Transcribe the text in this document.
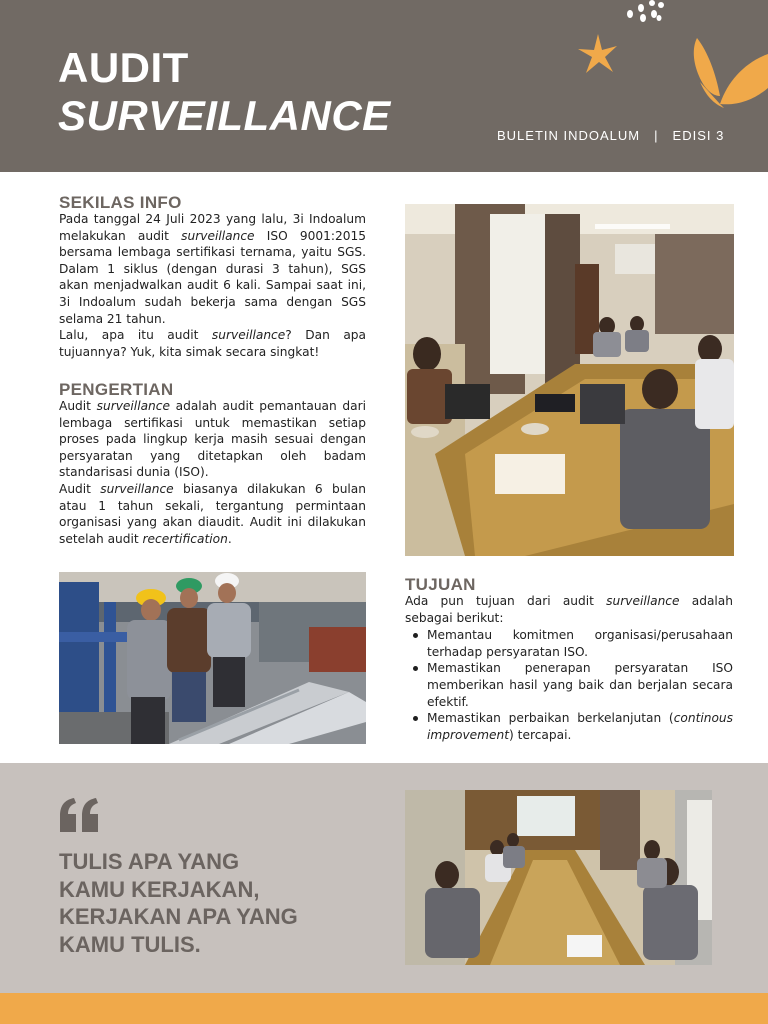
AUDIT
SURVEILLANCE	BULETIN INDOALUM | EDISI 3
SEKILAS INFO

Pada tanggal 24 Juli 2023 yang lalu, 3i Indoalum melakukan audit surveillance ISO 9001:2015 bersama lembaga sertifikasi ternama, yaitu SGS. Dalam 1 siklus (dengan durasi 3 tahun), SGS akan menjadwalkan audit 6 kali. Sampai saat ini, 3i Indoalum sudah bekerja sama dengan SGS selama 21 tahun.

Lalu, apa itu audit surveillance? Dan apa tujuannya? Yuk, kita simak secara singkat!

PENGERTIAN

Audit surveillance adalah audit pemantauan dari lembaga sertifikasi untuk memastikan setiap proses pada lingkup kerja masih sesuai dengan persyaratan yang ditetapkan oleh badam standarisasi dunia (ISO).

Audit surveillance biasanya dilakukan 6 bulan atau 1 tahun sekali, tergantung permintaan organisasi yang akan diaudit. Audit ini dilakukan setelah audit recertification.

TUJUAN

Ada pun tujuan dari audit surveillance adalah sebagai berikut:

Memantau komitmen organisasi/perusahaan terhadap persyaratan ISO.
Memastikan penerapan persyaratan ISO memberikan hasil yang baik dan berjalan secara efektif.
Memastikan perbaikan berkelanjutan (continous improvement) tercapai.
TULIS APA YANG
KAMU KERJAKAN,
KERJAKAN APA YANG
KAMU TULIS.
